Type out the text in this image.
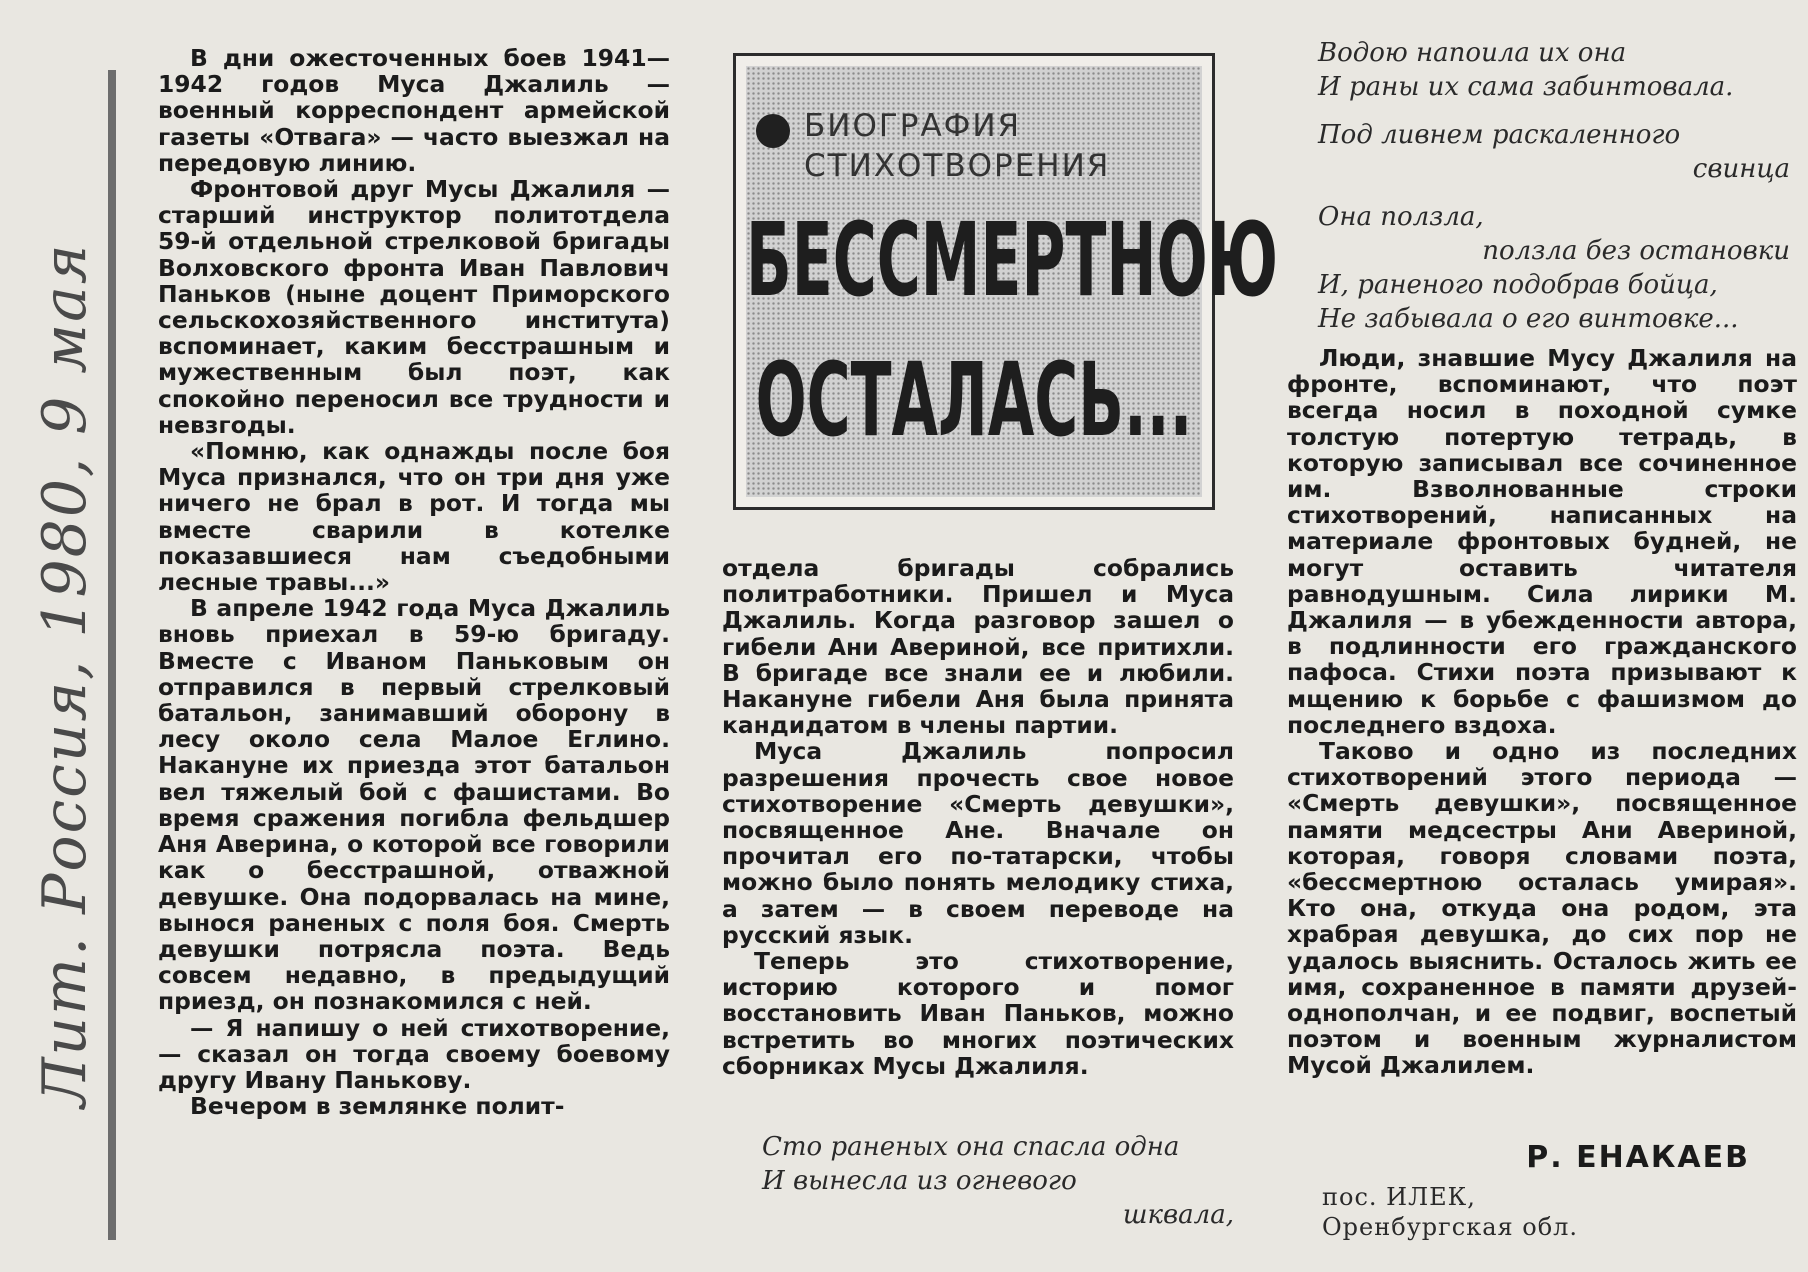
Лит. Россия, 1980, 9 мая

В дни ожесточенных боев 1941—1942 годов Муса Джалиль — военный корреспондент армейской газеты «Отвага» — часто выезжал на передовую линию.

Фронтовой друг Мусы Джалиля — старший инструктор политотдела 59-й отдельной стрелковой бригады Волховского фронта Иван Павлович Паньков (ныне доцент Приморского сельскохозяйственного института) вспоминает, каким бесстрашным и мужественным был поэт, как спокойно переносил все трудности и невзгоды.

«Помню, как однажды после боя Муса признался, что он три дня уже ничего не брал в рот. И тогда мы вместе сварили в котелке показавшиеся нам съедобными лесные травы...»

В апреле 1942 года Муса Джалиль вновь приехал в 59-ю бригаду. Вместе с Иваном Паньковым он отправился в первый стрелковый батальон, занимавший оборону в лесу около села Малое Еглино. Накануне их приезда этот батальон вел тяжелый бой с фашистами. Во время сражения погибла фельдшер Аня Аверина, о которой все говорили как о бесстрашной, отважной девушке. Она подорвалась на мине, вынося раненых с поля боя. Смерть девушки потрясла поэта. Ведь совсем недавно, в предыдущий приезд, он познакомился с ней.

— Я напишу о ней стихотворение, — сказал он тогда своему боевому другу Ивану Панькову.

Вечером в землянке полит-

БИОГРАФИЯ
СТИХОТВОРЕНИЯ
БЕССМЕРТНОЮ
ОСТАЛАСЬ...

отдела бригады собрались политработники. Пришел и Муса Джалиль. Когда разговор зашел о гибели Ани Авериной, все притихли. В бригаде все знали ее и любили. Накануне гибели Аня была принята кандидатом в члены партии.

Муса Джалиль попросил разрешения прочесть свое новое стихотворение «Смерть девушки», посвященное Ане. Вначале он прочитал его по-татарски, чтобы можно было понять мелодику стиха, а затем — в своем переводе на русский язык.

Теперь это стихотворение, историю которого и помог восстановить Иван Паньков, можно встретить во многих поэтических сборниках Мусы Джалиля.

Сто раненых она спасла одна

И вынесла из огневого

шквала,

Водою напоила их она

И раны их сама забинтовала.

Под ливнем раскаленного

свинца

Она ползла,

ползла без остановки

И, раненого подобрав бойца,

Не забывала о его винтовке...

Люди, знавшие Мусу Джалиля на фронте, вспоминают, что поэт всегда носил в походной сумке толстую потертую тетрадь, в которую записывал все сочиненное им. Взволнованные строки стихотворений, написанных на материале фронтовых будней, не могут оставить читателя равнодушным. Сила лирики М. Джалиля — в убежденности автора, в подлинности его гражданского пафоса. Стихи поэта призывают к мщению к борьбе с фашизмом до последнего вздоха.

Таково и одно из последних стихотворений этого периода — «Смерть девушки», посвященное памяти медсестры Ани Авериной, которая, говоря словами поэта, «бессмертною осталась умирая». Кто она, откуда она родом, эта храбрая девушка, до сих пор не удалось выяснить. Осталось жить ее имя, сохраненное в памяти друзей-однополчан, и ее подвиг, воспетый поэтом и военным журналистом Мусой Джалилем.

Р. ЕНАКАЕВ
пос. ИЛЕК,
Оренбургская обл.
